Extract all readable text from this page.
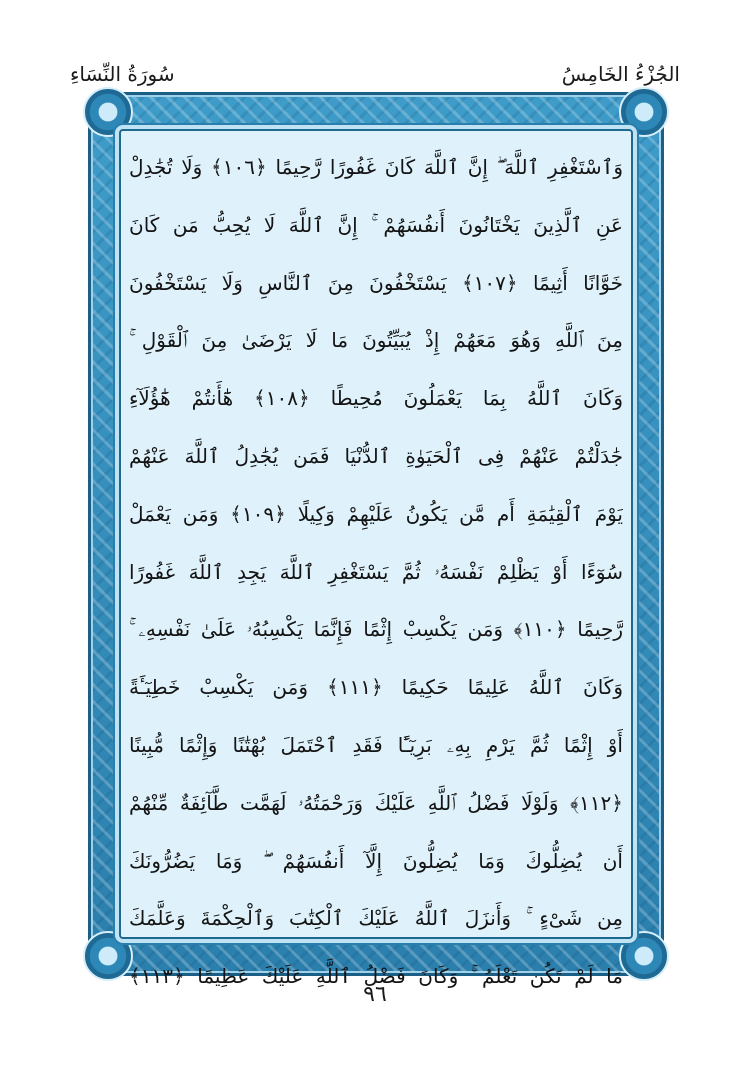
الجُزْءُ الخَامِسُ
سُورَةُ النِّسَاءِ
وَٱسْتَغْفِرِ ٱللَّهَ ۖ إِنَّ ٱللَّهَ كَانَ غَفُورًا رَّحِيمًا ﴿١٠٦﴾ وَلَا تُجَٰدِلْ
عَنِ ٱلَّذِينَ يَخْتَانُونَ أَنفُسَهُمْ ۚ إِنَّ ٱللَّهَ لَا يُحِبُّ مَن كَانَ
خَوَّانًا أَثِيمًا ﴿١٠٧﴾ يَسْتَخْفُونَ مِنَ ٱلنَّاسِ وَلَا يَسْتَخْفُونَ
مِنَ ٱللَّهِ وَهُوَ مَعَهُمْ إِذْ يُبَيِّتُونَ مَا لَا يَرْضَىٰ مِنَ ٱلْقَوْلِ ۚ
وَكَانَ ٱللَّهُ بِمَا يَعْمَلُونَ مُحِيطًا ﴿١٠٨﴾ هَٰٓأَنتُمْ هَٰٓؤُلَآءِ
جَٰدَلْتُمْ عَنْهُمْ فِى ٱلْحَيَوٰةِ ٱلدُّنْيَا فَمَن يُجَٰدِلُ ٱللَّهَ عَنْهُمْ
يَوْمَ ٱلْقِيَٰمَةِ أَم مَّن يَكُونُ عَلَيْهِمْ وَكِيلًا ﴿١٠٩﴾ وَمَن يَعْمَلْ
سُوٓءًا أَوْ يَظْلِمْ نَفْسَهُۥ ثُمَّ يَسْتَغْفِرِ ٱللَّهَ يَجِدِ ٱللَّهَ غَفُورًا
رَّحِيمًا ﴿١١٠﴾ وَمَن يَكْسِبْ إِثْمًا فَإِنَّمَا يَكْسِبُهُۥ عَلَىٰ نَفْسِهِۦ ۚ
وَكَانَ ٱللَّهُ عَلِيمًا حَكِيمًا ﴿١١١﴾ وَمَن يَكْسِبْ خَطِيٓـَٔةً
أَوْ إِثْمًا ثُمَّ يَرْمِ بِهِۦ بَرِيٓـًٔا فَقَدِ ٱحْتَمَلَ بُهْتَٰنًا وَإِثْمًا مُّبِينًا
﴿١١٢﴾ وَلَوْلَا فَضْلُ ٱللَّهِ عَلَيْكَ وَرَحْمَتُهُۥ لَهَمَّت طَّآئِفَةٌ مِّنْهُمْ
أَن يُضِلُّوكَ وَمَا يُضِلُّونَ إِلَّآ أَنفُسَهُمْ ۖ وَمَا يَضُرُّونَكَ
مِن شَىْءٍ ۚ وَأَنزَلَ ٱللَّهُ عَلَيْكَ ٱلْكِتَٰبَ وَٱلْحِكْمَةَ وَعَلَّمَكَ
مَا لَمْ تَكُن تَعْلَمُ ۚ وَكَانَ فَضْلُ ٱللَّهِ عَلَيْكَ عَظِيمًا ﴿١١٣﴾
٩٦
